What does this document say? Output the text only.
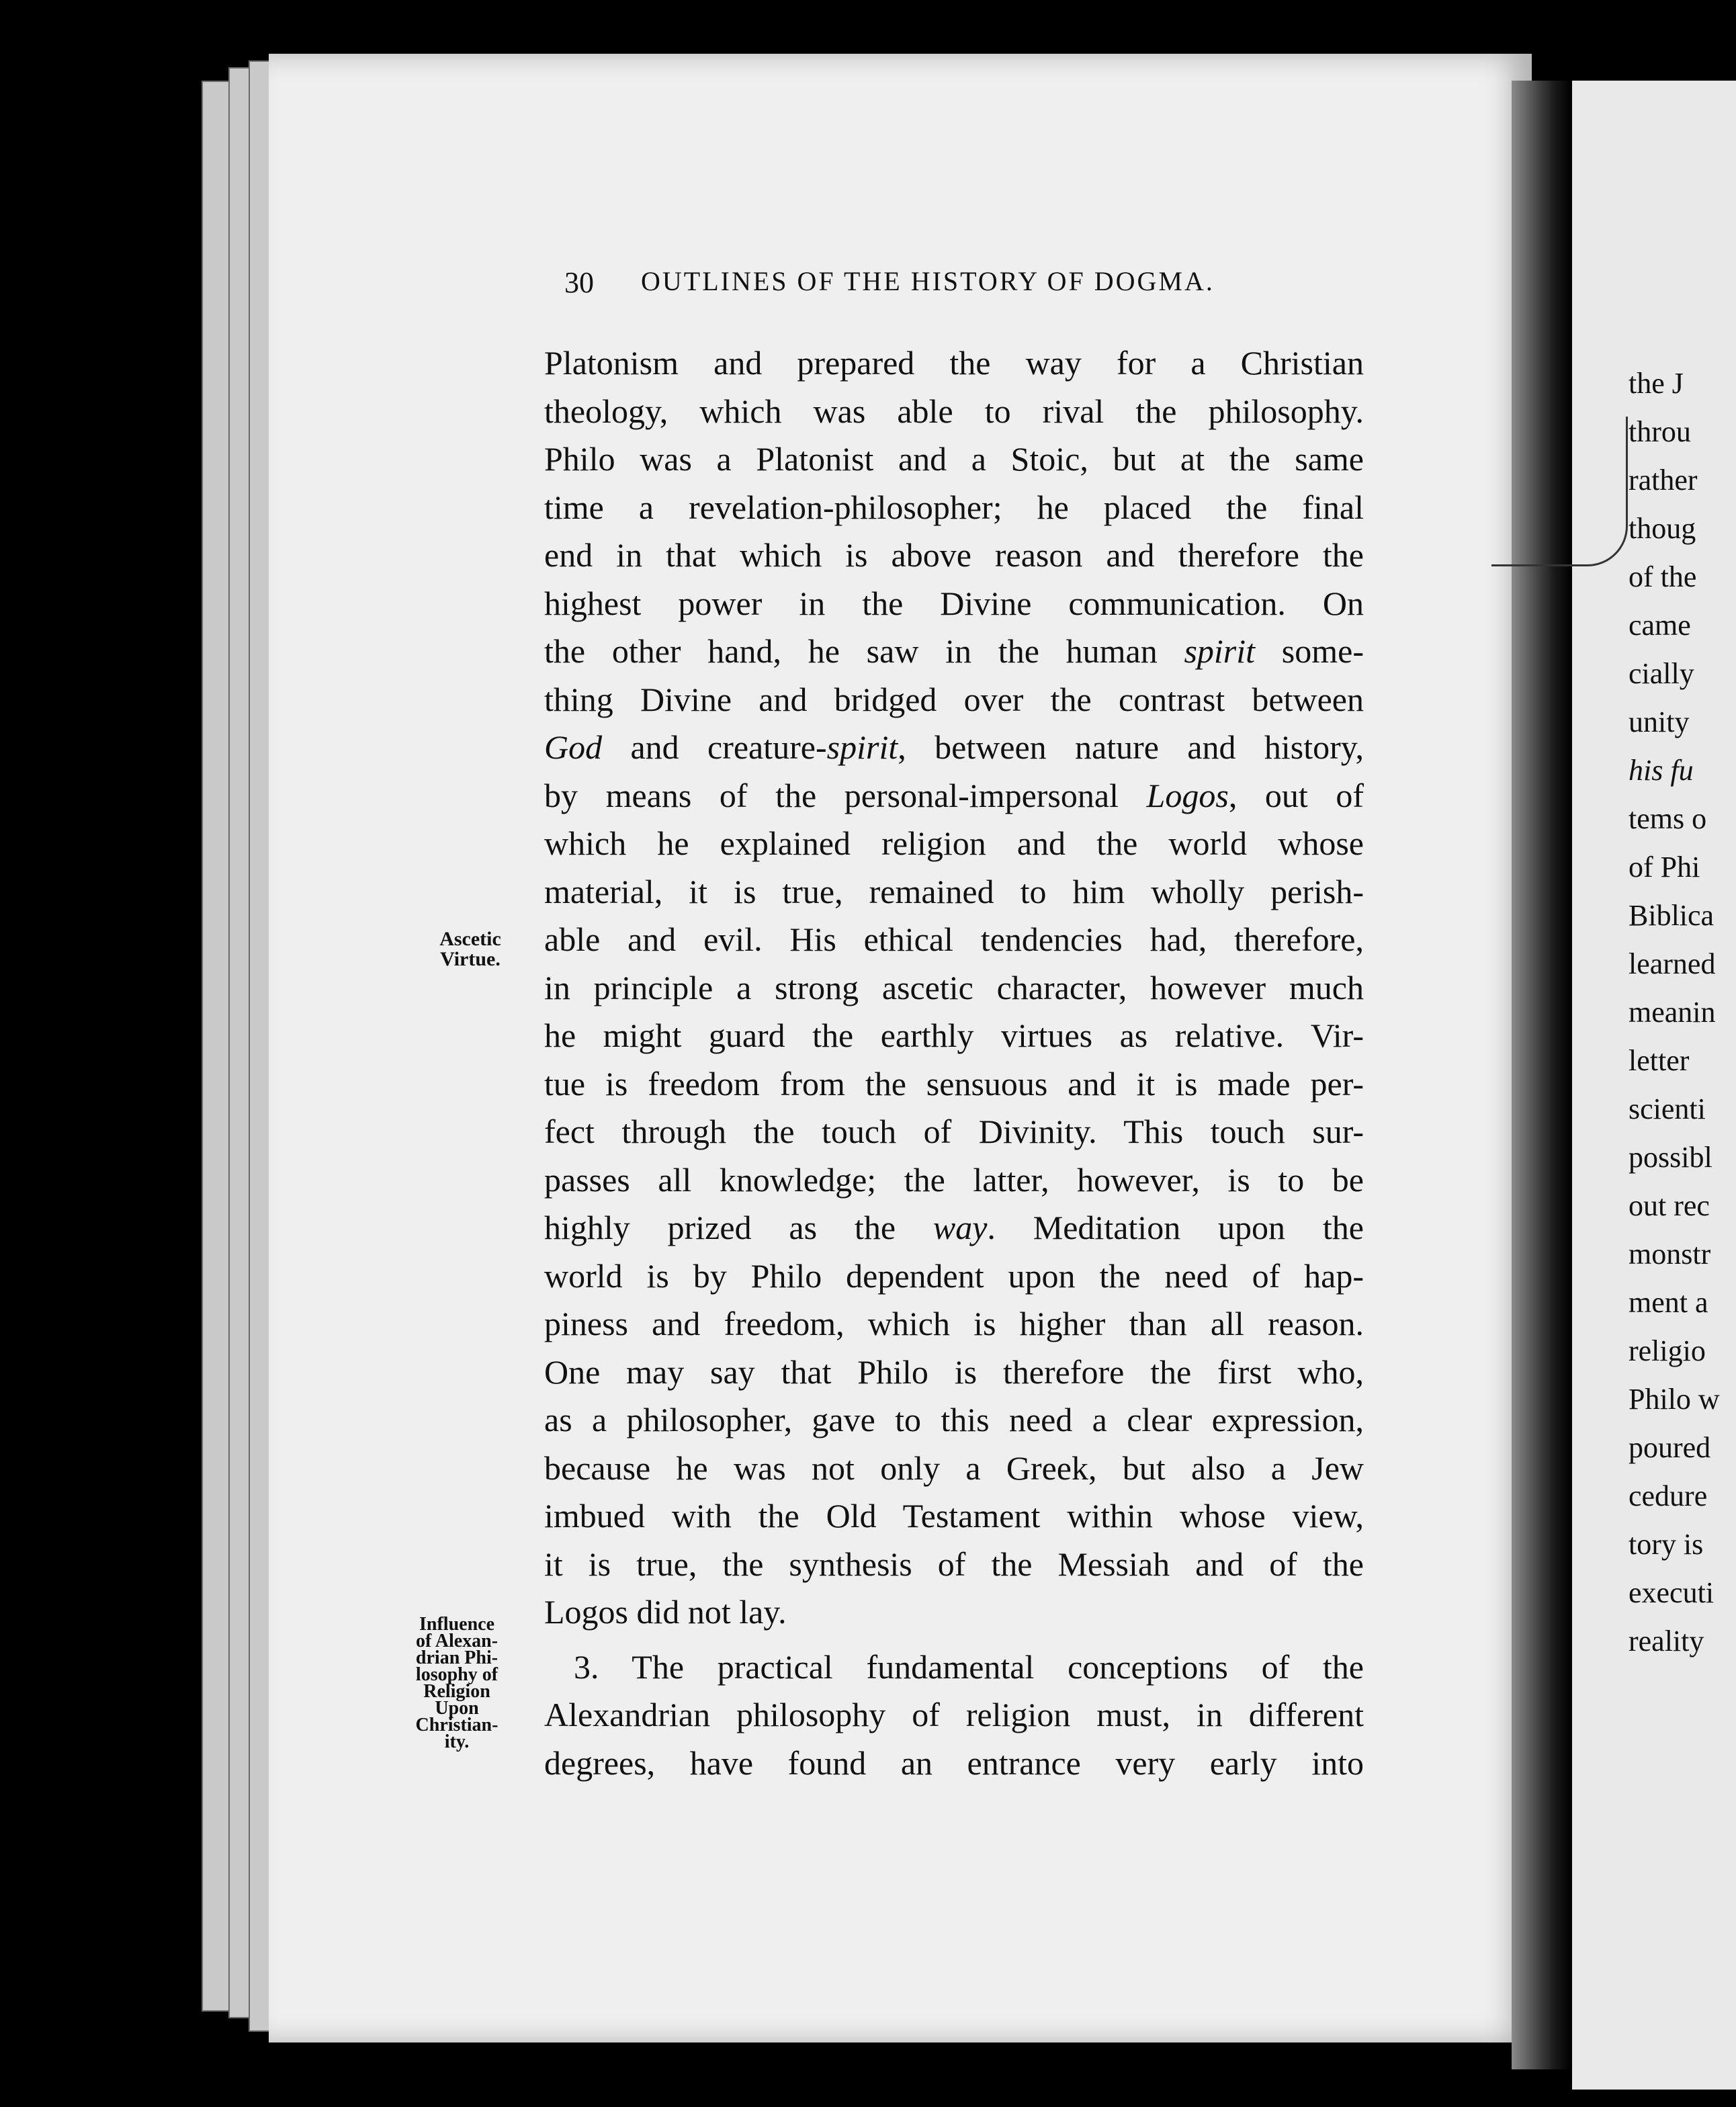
30 OUTLINES OF THE HISTORY OF DOGMA.
Platonism and prepared the way for a Christian
theology, which was able to rival the philosophy.
Philo was a Platonist and a Stoic, but at the same
time a revelation-philosopher; he placed the final
end in that which is above reason and therefore the
highest power in the Divine communication. On
the other hand, he saw in the human spirit some-
thing Divine and bridged over the contrast between
God and creature-spirit, between nature and history,
by means of the personal-impersonal Logos, out of
which he explained religion and the world whose
material, it is true, remained to him wholly perish-
able and evil. His ethical tendencies had, therefore,
in principle a strong ascetic character, however much
he might guard the earthly virtues as relative. Vir-
tue is freedom from the sensuous and it is made per-
fect through the touch of Divinity. This touch sur-
passes all knowledge; the latter, however, is to be
highly prized as the way. Meditation upon the
world is by Philo dependent upon the need of hap-
piness and freedom, which is higher than all reason.
One may say that Philo is therefore the first who,
as a philosopher, gave to this need a clear expression,
because he was not only a Greek, but also a Jew
imbued with the Old Testament within whose view,
it is true, the synthesis of the Messiah and of the
Logos did not lay.
3. The practical fundamental conceptions of the
Alexandrian philosophy of religion must, in different
degrees, have found an entrance very early into
Ascetic
Virtue.
Influence
of Alexan-
drian Phi-
losophy of
Religion
Upon
Christian-
ity.
the J
throu
rather
thoug
of the
came
cially
unity
his fu
tems o
of Phi
Biblica
learned
meanin
letter
scienti
possibl
out rec
monstr
ment a
religio
Philo w
poured
cedure
tory is
executi
reality
